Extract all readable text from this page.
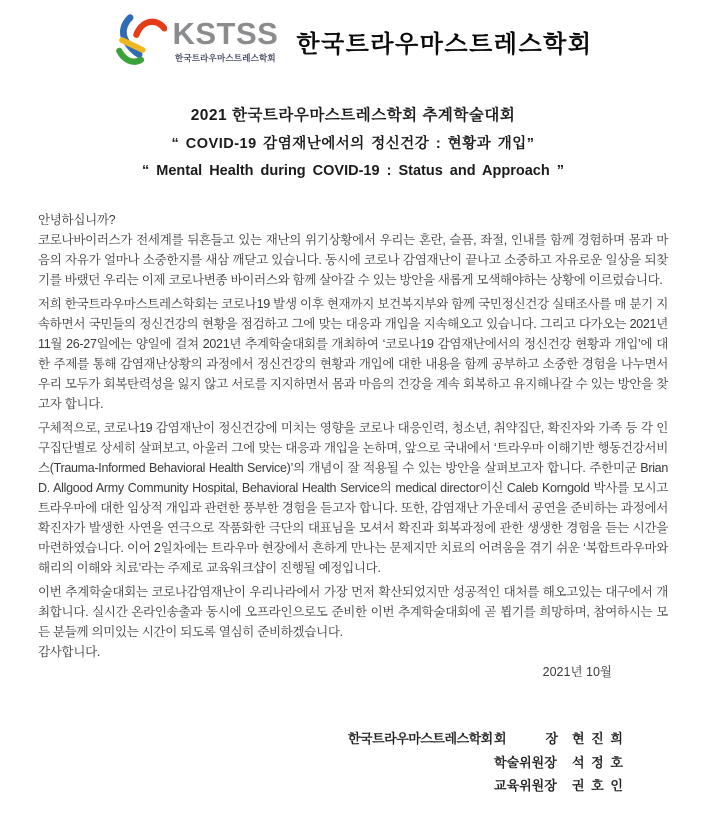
KSTSS
한국트라우마스트레스학회
한국트라우마스트레스학회
2021 한국트라우마스트레스학회 추계학술대회
“ COVID-19 감염재난에서의 정신건강 : 현황과 개입”
“ Mental Health during COVID-19 : Status and Approach ”

안녕하십니까?

코로나바이러스가 전세계를 뒤흔들고 있는 재난의 위기상황에서 우리는 혼란, 슬픔, 좌절, 인내를 함께 경험하며 몸과 마음의 자유가 얼마나 소중한지를 새삼 깨닫고 있습니다. 동시에 코로나 감염재난이 끝나고 소중하고 자유로운 일상을 되찾기를 바랬던 우리는 이제 코로나변종 바이러스와 함께 살아갈 수 있는 방안을 새롭게 모색해야하는 상황에 이르렀습니다.

저희 한국트라우마스트레스학회는 코로나19 발생 이후 현재까지 보건복지부와 함께 국민정신건강 실태조사를 매 분기 지속하면서 국민들의 정신건강의 현황을 점검하고 그에 맞는 대응과 개입을 지속해오고 있습니다. 그리고 다가오는 2021년 11월 26-27일에는 양일에 걸쳐 2021년 추계학술대회를 개최하여 ‘코로나19 감염재난에서의 정신건강 현황과 개입’에 대한 주제를 통해 감염재난상황의 과정에서 정신건강의 현황과 개입에 대한 내용을 함께 공부하고 소중한 경험을 나누면서 우리 모두가 회복탄력성을 잃지 않고 서로를 지지하면서 몸과 마음의 건강을 계속 회복하고 유지해나갈 수 있는 방안을 찾고자 합니다.

구체적으로, 코로나19 감염재난이 정신건강에 미치는 영향을 코로나 대응인력, 청소년, 취약집단, 확진자와 가족 등 각 인구집단별로 상세히 살펴보고, 아울러 그에 맞는 대응과 개입을 논하며, 앞으로 국내에서 ‘트라우마 이해기반 행동건강서비스(Trauma-Informed Behavioral Health Service)’의 개념이 잘 적용될 수 있는 방안을 살펴보고자 합니다. 주한미군 Brian D. Allgood Army Community Hospital, Behavioral Health Service의 medical director이신 Caleb Korngold 박사를 모시고 트라우마에 대한 임상적 개입과 관련한 풍부한 경험을 듣고자 합니다. 또한, 감염재난 가운데서 공연을 준비하는 과정에서 확진자가 발생한 사연을 연극으로 작품화한 극단의 대표님을 모셔서 확진과 회복과정에 관한 생생한 경험을 듣는 시간을 마련하였습니다. 이어 2일차에는 트라우마 현장에서 흔하게 만나는 문제지만 치료의 어려움을 겪기 쉬운 ‘복합트라우마와 해리의 이해와 치료’라는 주제로 교육워크샵이 진행될 예정입니다.

이번 추계학술대회는 코로나감염재난이 우리나라에서 가장 먼저 확산되었지만 성공적인 대처를 해오고있는 대구에서 개최합니다. 실시간 온라인송출과 동시에 오프라인으로도 준비한 이번 추계학술대회에 곧 뵙기를 희망하며, 참여하시는 모든 분들께 의미있는 시간이 되도록 열심히 준비하겠습니다.

감사합니다.

2021년 10월

한국트라우마스트레스학회 회　　　장 현 진 희
학술위원장 석 정 호
교육위원장 권 호 인
